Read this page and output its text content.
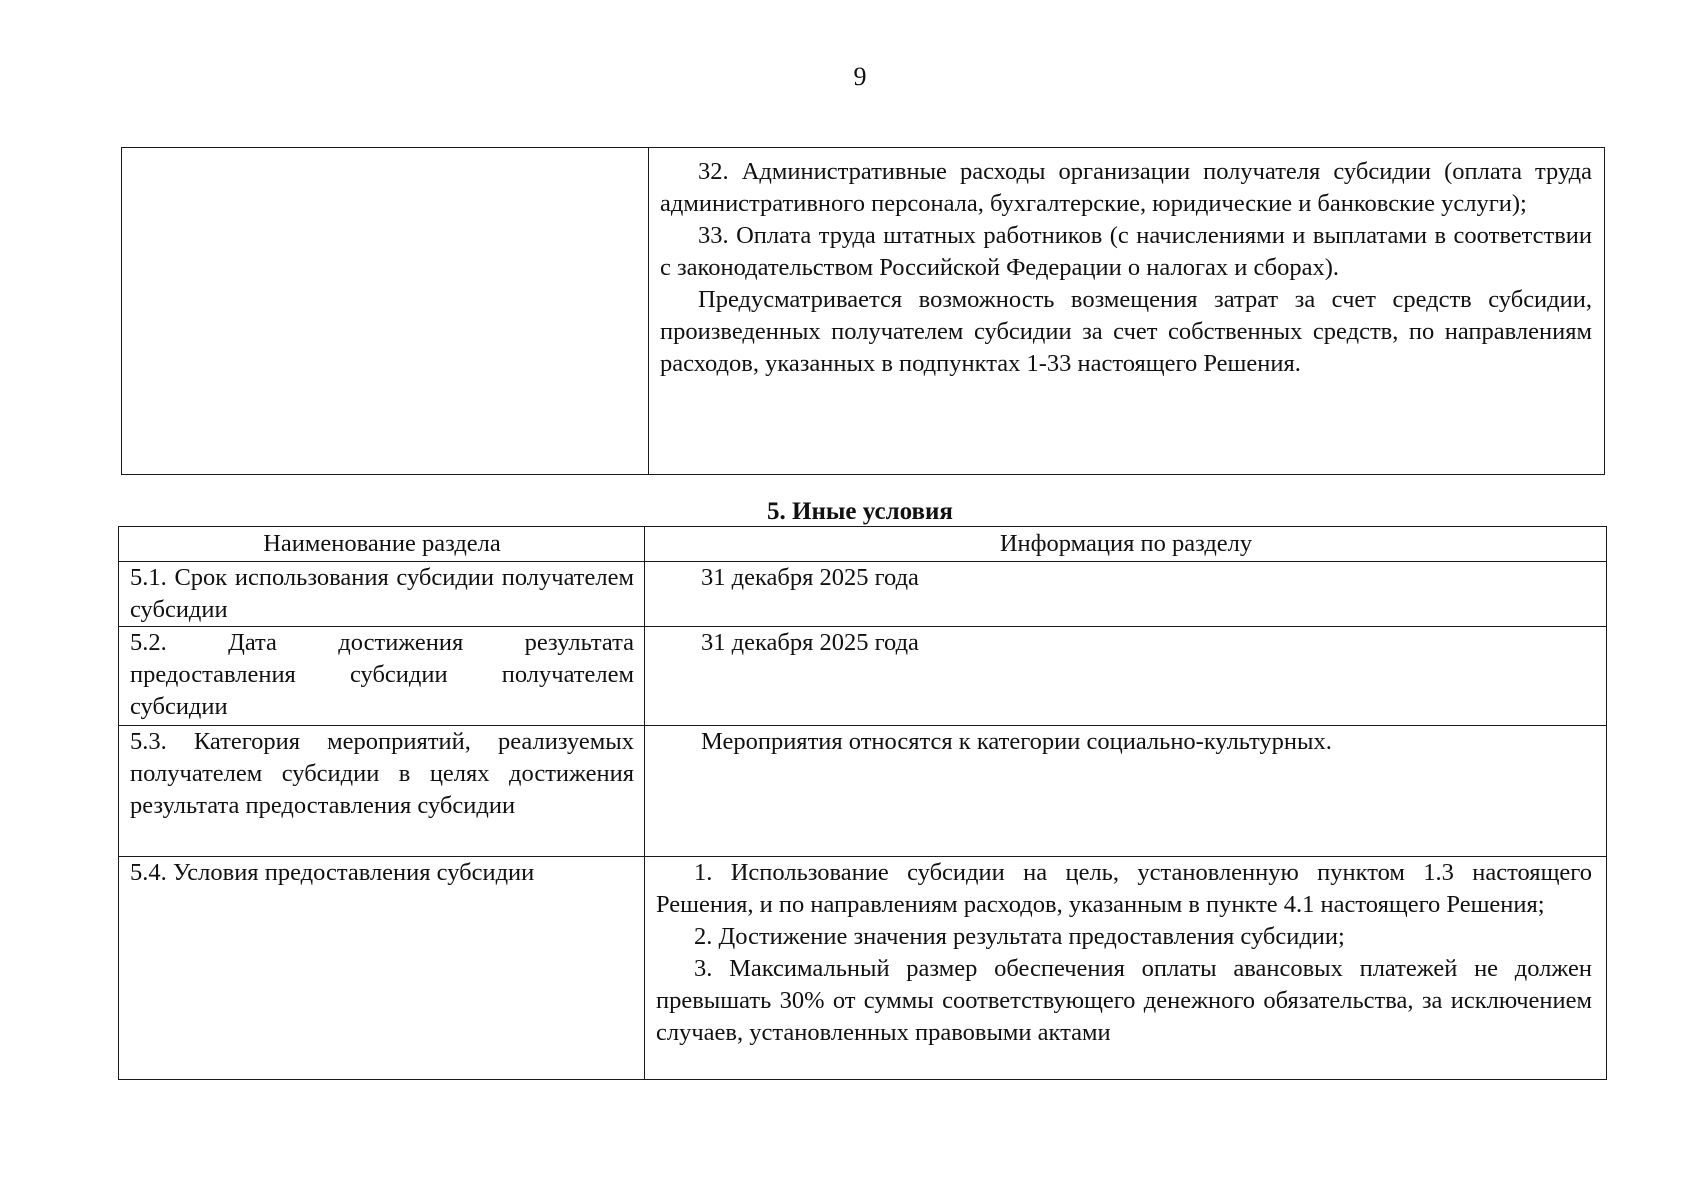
9

32. Административные расходы организации получателя субсидии (оплата труда административного персонала, бухгалтерские, юридические и банковские услуги);

33. Оплата труда штатных работников (с начислениями и выплатами в соответствии с законодательством Российской Федерации о налогах и сборах).

Предусматривается возможность возмещения затрат за счет средств субсидии, произведенных получателем субсидии за счет собственных средств, по направлениям расходов, указанных в подпунктах 1-33 настоящего Решения.

5. Иные условия
Наименование раздела	Информация по разделу
5.1. Срок использования субсидии получателем субсидии	31 декабря 2025 года

5.2. Дата достижения результата предоставления субсидии получателем субсидии	31 декабря 2025 года

5.3. Категория мероприятий, реализуемых получателем субсидии в целях достижения результата предоставления субсидии	Мероприятия относятся к категории социально-культурных.

5.4. Условия предоставления субсидии	1. Использование субсидии на цель, установленную пунктом 1.3 настоящего Решения, и по направлениям расходов, указанным в пункте 4.1 настоящего Решения;

2. Достижение значения результата предоставления субсидии;

3. Максимальный размер обеспечения оплаты авансовых платежей не должен превышать 30% от суммы соответствующего денежного обязательства, за исключением случаев, установленных правовыми актами
